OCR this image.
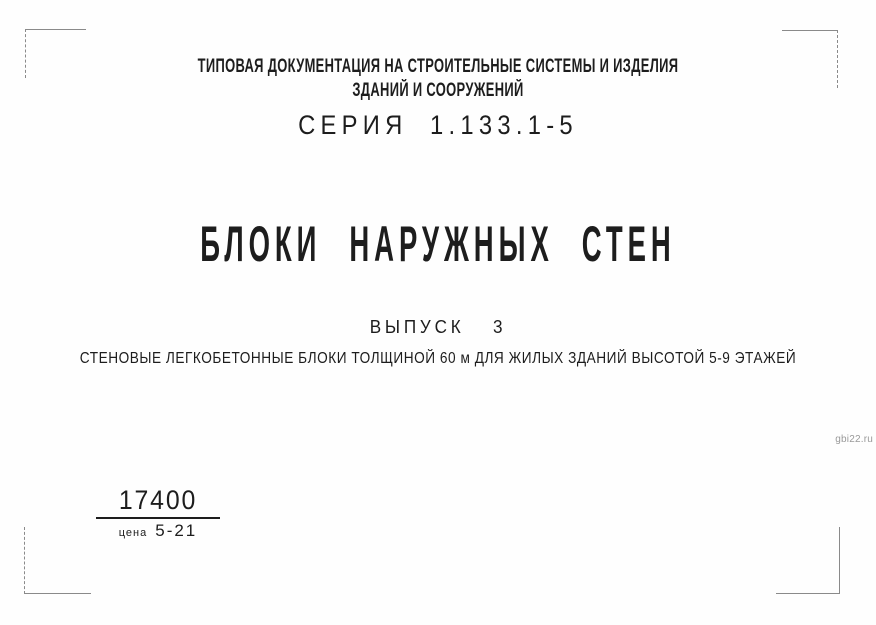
ТИПОВАЯ ДОКУМЕНТАЦИЯ НА СТРОИТЕЛЬНЫЕ СИСТЕМЫ И ИЗДЕЛИЯ
ЗДАНИЙ И СООРУЖЕНИЙ
СЕРИЯ 1.133.1-5
БЛОКИ НАРУЖНЫХ СТЕН
ВЫПУСК 3
СТЕНОВЫЕ ЛЕГКОБЕТОННЫЕ БЛОКИ ТОЛЩИНОЙ 60 м ДЛЯ ЖИЛЫХ ЗДАНИЙ ВЫСОТОЙ 5-9 ЭТАЖЕЙ
gbi22.ru
17400
цена 5-21
